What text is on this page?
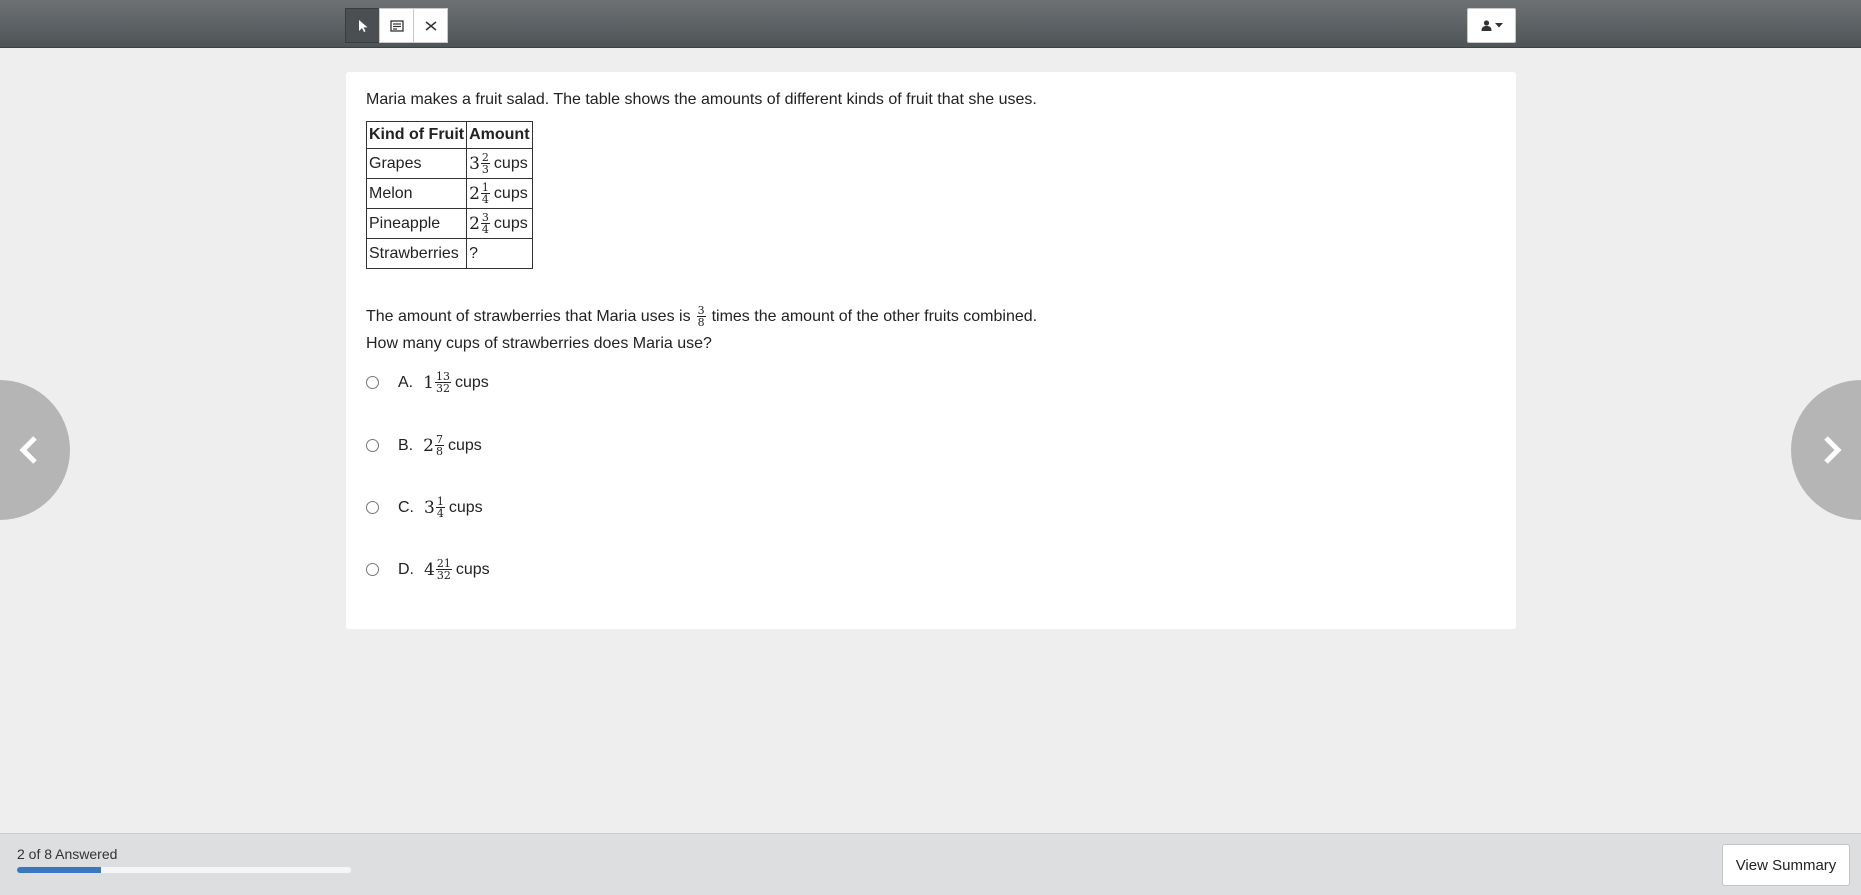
Maria makes a fruit salad. The table shows the amounts of different kinds of fruit that she uses.
Kind of Fruit	Amount
Grapes	$3 \frac{2}{3}$ cups

Melon	$2 \frac{1}{4}$ cups

Pineapple	$2 \frac{3}{4}$ cups

Strawberries	?
The amount of strawberries that Maria uses is $\frac{3}{8}$ times the amount of the other fruits combined.
How many cups of strawberries does Maria use?
A. $1 \frac{13}{32}$ cups
B. $2 \frac{7}{8}$ cups
C. $3 \frac{1}{4}$ cups
D. $4 \frac{21}{32}$ cups
2 of 8 Answered
View Summary
